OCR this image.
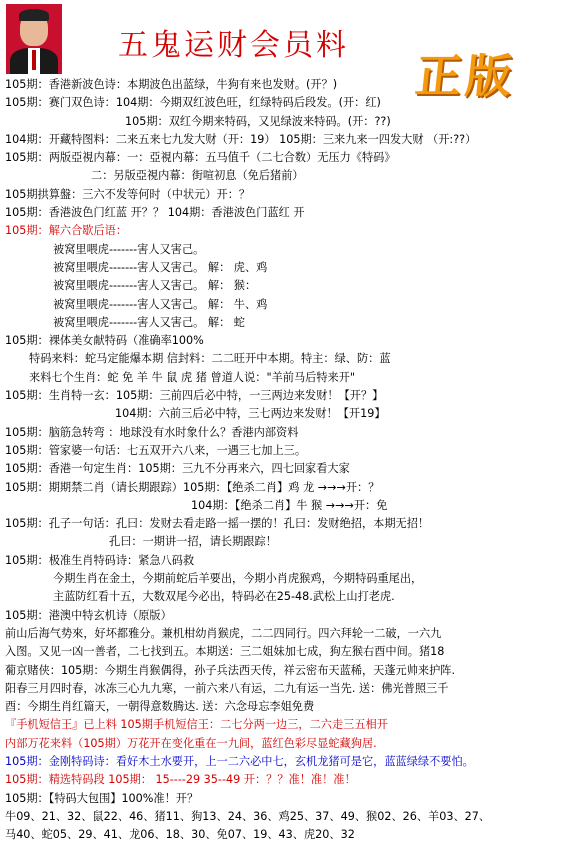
五鬼运财会员料
正版
105期：香港新波色诗：本期波色出蓝绿，牛狗有来也发财。(开？)
105期：赛门双色诗：104期：今期双红波色旺，红绿特码后段发。(开：红)
105期：双红今期来特码，又见绿波来特码。(开：??)
104期：开藏特图料：二来五来七九发大财（开：19） 105期：三来九来一四发大财 （开:??）
105期：两版亞視内幕：一：亞視内幕：五马值千（二七合数）无压力《特码》
二：另版亞視内幕：街喧初息（免后猪前）
105期拱算盤：三六不发等何时（中状元）开：？
105期：香港波色门红蓝 开？？ 104期：香港波色门蓝红 开
105期：解六合歇后语：
被窝里喂虎-------害人又害己。
被窝里喂虎-------害人又害己。 解： 虎、鸡
被窝里喂虎-------害人又害己。 解： 猴：
被窝里喂虎-------害人又害己。 解： 牛、鸡
被窝里喂虎-------害人又害己。 解： 蛇
105期：裸体美女献特码（准确率100%
特码来料：蛇马定能爆本期 信封料：二二旺开中本期。特主：绿、防：蓝
来料七个生肖：蛇 免 羊 牛 鼠 虎 猪 曾道人说："羊前马后特来开"
105期：生肖特一玄：105期：三前四后必中特，一三两边来发财！【开？】
104期：六前三后必中特，三七两边来发财！【开19】
105期：脑筋急转弯 ：地球没有水时象什么？香港内部资料
105期：管家婆一句话：七五双开六八来，一遇三七加上三。
105期：香港一句定生肖：105期：三九不分再来六，四七回家看大家
105期：期期禁二肖（请长期跟踪）105期：【绝杀二肖】鸡 龙 →→→开：？
104期：【绝杀二肖】牛 猴 →→→开：免
105期：孔子一句话：孔曰：发财去看走路一摇一摆的！孔曰：发财绝招，本期无招！
孔曰：一期讲一招，请长期跟踪！
105期：极准生肖特码诗：紧急八码救
今期生肖在金土，今期前蛇后羊要出，今期小肖虎猴鸡，今期特码重尾出，
主蓝防红看十五，大数双尾今必出，特码必在25-48.武松上山打老虎.
105期：港澳中特玄机诗（原版）
前山后海气势來，好坏都雅分。兼机柑幼肖猴虎，二二四同行。四六拜轮一二破，一六九
入图。又见一凶一善者，二七找到五。本期送：三二姐妹加七成，狗左猴右酉中间。猪18
葡京赌侠：105期：今期生肖猴偶得，孙子兵法西天传，祥云密布天蓝稀，天蓬元帅来护阵.
阳春三月四时春，冰冻三心九九寒，一前六来八有运，二九有运一当先. 送：佛光普照三千
酉：今期生肖红篇天，一朝得意数腾达. 送：六念母忘李姐免费
『手机短信王』已上料 105期手机短信王：二七分两一边三，二六走三五相开
内部万花来料（105期）万花开在变化重在一九间，蓝红色彩尽显蛇藏狗居.
105期：金刚特码诗：看好木土水要开，上一二六必中七，玄机龙猪可是它，蓝蓝绿绿不要怕。
105期：精选特码段 105期： 15----29 35--49 开：？？准！准！准！
105期：【特码大包围】100%准！开？
牛09、21、32、鼠22、46、猪11、狗13、24、36、鸡25、37、49、猴02、26、羊03、27、
马40、蛇05、29、41、龙06、18、30、免07、19、43、虎20、32
